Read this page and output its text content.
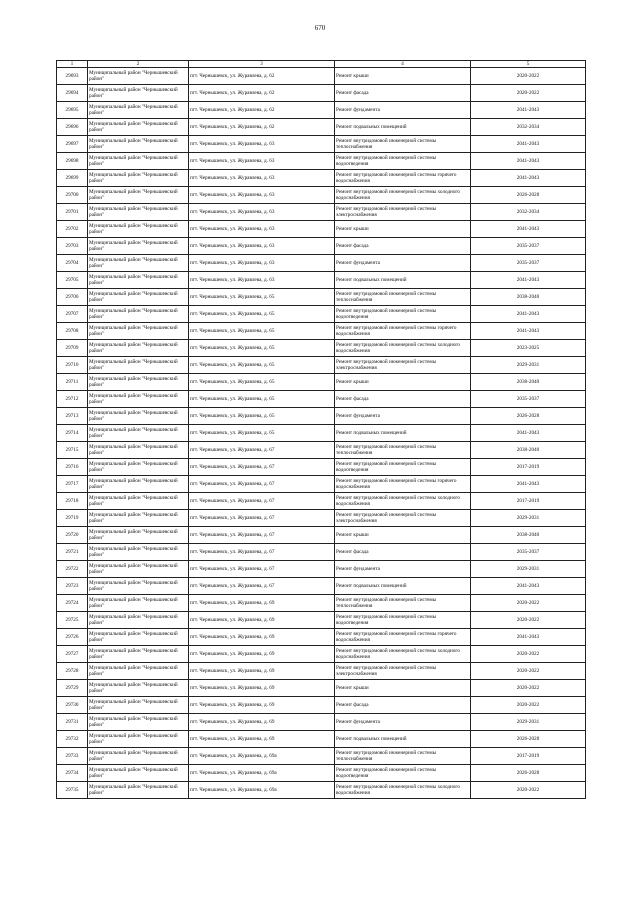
670
1	2	3	4	5
29693	Муниципальный район "Чернышевский район"	пгт. Чернышевск, ул. Журавлева, д. 62	Ремонт крыши	2020-2022
29694	Муниципальный район "Чернышевский район"	пгт. Чернышевск, ул. Журавлева, д. 62	Ремонт фасада	2020-2022
29695	Муниципальный район "Чернышевский район"	пгт. Чернышевск, ул. Журавлева, д. 62	Ремонт фундамента	2041-2043
29696	Муниципальный район "Чернышевский район"	пгт. Чернышевск, ул. Журавлева, д. 62	Ремонт подвальных помещений	2032-2034
29697	Муниципальный район "Чернышевский район"	пгт. Чернышевск, ул. Журавлева, д. 63	Ремонт внутридомовой инженерной системы теплоснабжения	2041-2043
29698	Муниципальный район "Чернышевский район"	пгт. Чернышевск, ул. Журавлева, д. 63	Ремонт внутридомовой инженерной системы водоотведения	2041-2043
29699	Муниципальный район "Чернышевский район"	пгт. Чернышевск, ул. Журавлева, д. 63	Ремонт внутридомовой инженерной системы горячего водоснабжения	2041-2043
29700	Муниципальный район "Чернышевский район"	пгт. Чернышевск, ул. Журавлева, д. 63	Ремонт внутридомовой инженерной системы холодного водоснабжения	2026-2028
29701	Муниципальный район "Чернышевский район"	пгт. Чернышевск, ул. Журавлева, д. 63	Ремонт внутридомовой инженерной системы электроснабжения	2032-2034
29702	Муниципальный район "Чернышевский район"	пгт. Чернышевск, ул. Журавлева, д. 63	Ремонт крыши	2041-2043
29703	Муниципальный район "Чернышевский район"	пгт. Чернышевск, ул. Журавлева, д. 63	Ремонт фасада	2035-2037
29704	Муниципальный район "Чернышевский район"	пгт. Чернышевск, ул. Журавлева, д. 63	Ремонт фундамента	2035-2037
29705	Муниципальный район "Чернышевский район"	пгт. Чернышевск, ул. Журавлева, д. 63	Ремонт подвальных помещений	2041-2043
29706	Муниципальный район "Чернышевский район"	пгт. Чернышевск, ул. Журавлева, д. 65	Ремонт внутридомовой инженерной системы теплоснабжения	2038-2040
29707	Муниципальный район "Чернышевский район"	пгт. Чернышевск, ул. Журавлева, д. 65	Ремонт внутридомовой инженерной системы водоотведения	2041-2043
29708	Муниципальный район "Чернышевский район"	пгт. Чернышевск, ул. Журавлева, д. 65	Ремонт внутридомовой инженерной системы горячего водоснабжения	2041-2043
29709	Муниципальный район "Чернышевский район"	пгт. Чернышевск, ул. Журавлева, д. 65	Ремонт внутридомовой инженерной системы холодного водоснабжения	2023-2025
29710	Муниципальный район "Чернышевский район"	пгт. Чернышевск, ул. Журавлева, д. 65	Ремонт внутридомовой инженерной системы электроснабжения	2029-2031
29711	Муниципальный район "Чернышевский район"	пгт. Чернышевск, ул. Журавлева, д. 65	Ремонт крыши	2038-2040
29712	Муниципальный район "Чернышевский район"	пгт. Чернышевск, ул. Журавлева, д. 65	Ремонт фасада	2035-2037
29713	Муниципальный район "Чернышевский район"	пгт. Чернышевск, ул. Журавлева, д. 65	Ремонт фундамента	2026-2028
29714	Муниципальный район "Чернышевский район"	пгт. Чернышевск, ул. Журавлева, д. 65	Ремонт подвальных помещений	2041-2043
29715	Муниципальный район "Чернышевский район"	пгт. Чернышевск, ул. Журавлева, д. 67	Ремонт внутридомовой инженерной системы теплоснабжения	2038-2040
29716	Муниципальный район "Чернышевский район"	пгт. Чернышевск, ул. Журавлева, д. 67	Ремонт внутридомовой инженерной системы водоотведения	2017-2019
29717	Муниципальный район "Чернышевский район"	пгт. Чернышевск, ул. Журавлева, д. 67	Ремонт внутридомовой инженерной системы горячего водоснабжения	2041-2043
29718	Муниципальный район "Чернышевский район"	пгт. Чернышевск, ул. Журавлева, д. 67	Ремонт внутридомовой инженерной системы холодного водоснабжения	2017-2019
29719	Муниципальный район "Чернышевский район"	пгт. Чернышевск, ул. Журавлева, д. 67	Ремонт внутридомовой инженерной системы электроснабжения	2029-2031
29720	Муниципальный район "Чернышевский район"	пгт. Чернышевск, ул. Журавлева, д. 67	Ремонт крыши	2038-2040
29721	Муниципальный район "Чернышевский район"	пгт. Чернышевск, ул. Журавлева, д. 67	Ремонт фасада	2035-2037
29722	Муниципальный район "Чернышевский район"	пгт. Чернышевск, ул. Журавлева, д. 67	Ремонт фундамента	2029-2031
29723	Муниципальный район "Чернышевский район"	пгт. Чернышевск, ул. Журавлева, д. 67	Ремонт подвальных помещений	2041-2043
29724	Муниципальный район "Чернышевский район"	пгт. Чернышевск, ул. Журавлева, д. 69	Ремонт внутридомовой инженерной системы теплоснабжения	2020-2022
29725	Муниципальный район "Чернышевский район"	пгт. Чернышевск, ул. Журавлева, д. 69	Ремонт внутридомовой инженерной системы водоотведения	2020-2022
29726	Муниципальный район "Чернышевский район"	пгт. Чернышевск, ул. Журавлева, д. 69	Ремонт внутридомовой инженерной системы горячего водоснабжения	2041-2043
29727	Муниципальный район "Чернышевский район"	пгт. Чернышевск, ул. Журавлева, д. 69	Ремонт внутридомовой инженерной системы холодного водоснабжения	2020-2022
29728	Муниципальный район "Чернышевский район"	пгт. Чернышевск, ул. Журавлева, д. 69	Ремонт внутридомовой инженерной системы электроснабжения	2020-2022
29729	Муниципальный район "Чернышевский район"	пгт. Чернышевск, ул. Журавлева, д. 69	Ремонт крыши	2020-2022
29730	Муниципальный район "Чернышевский район"	пгт. Чернышевск, ул. Журавлева, д. 69	Ремонт фасада	2020-2022
29731	Муниципальный район "Чернышевский район"	пгт. Чернышевск, ул. Журавлева, д. 69	Ремонт фундамента	2029-2031
29732	Муниципальный район "Чернышевский район"	пгт. Чернышевск, ул. Журавлева, д. 69	Ремонт подвальных помещений	2026-2028
29733	Муниципальный район "Чернышевский район"	пгт. Чернышевск, ул. Журавлева, д. 69а	Ремонт внутридомовой инженерной системы теплоснабжения	2017-2019
29734	Муниципальный район "Чернышевский район"	пгт. Чернышевск, ул. Журавлева, д. 69а	Ремонт внутридомовой инженерной системы водоотведения	2026-2028
29735	Муниципальный район "Чернышевский район"	пгт. Чернышевск, ул. Журавлева, д. 69а	Ремонт внутридомовой инженерной системы холодного водоснабжения	2020-2022
